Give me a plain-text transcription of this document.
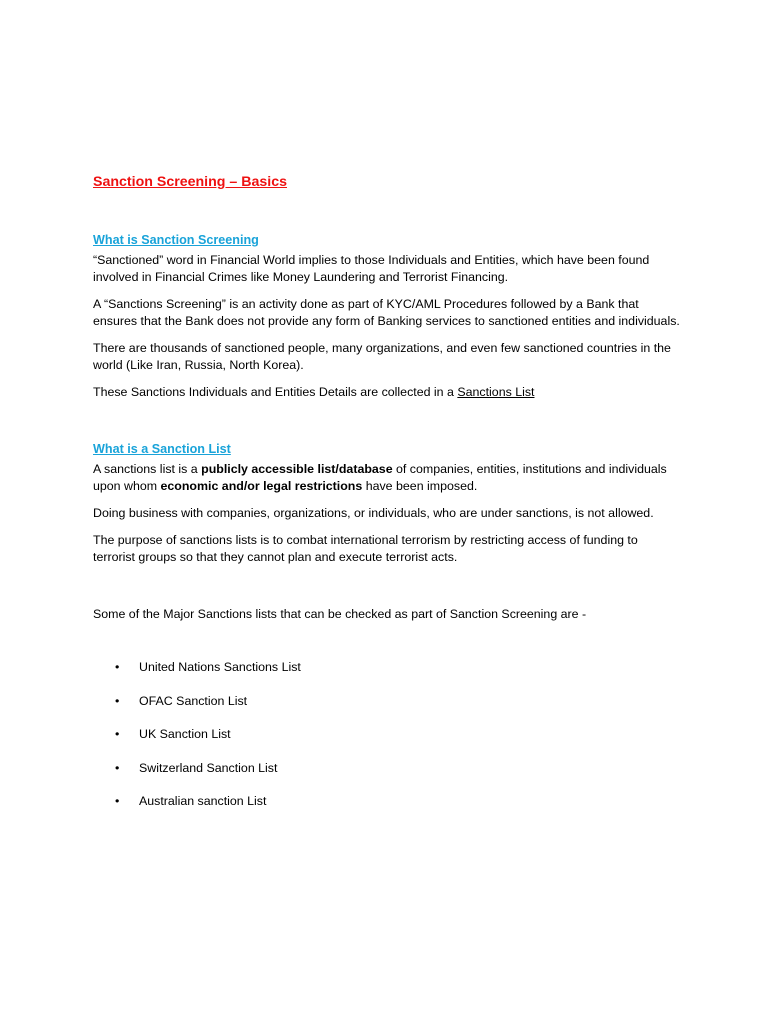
Sanction Screening – Basics
What is Sanction Screening

“Sanctioned” word in Financial World implies to those Individuals and Entities, which have been found involved in Financial Crimes like Money Laundering and Terrorist Financing.

A “Sanctions Screening” is an activity done as part of KYC/AML Procedures followed by a Bank that ensures that the Bank does not provide any form of Banking services to sanctioned entities and individuals.

There are thousands of sanctioned people, many organizations, and even few sanctioned countries in the world (Like Iran, Russia, North Korea).

These Sanctions Individuals and Entities Details are collected in a Sanctions List

What is a Sanction List

A sanctions list is a publicly accessible list/database of companies, entities, institutions and individuals upon whom economic and/or legal restrictions have been imposed.

Doing business with companies, organizations, or individuals, who are under sanctions, is not allowed.

The purpose of sanctions lists is to combat international terrorism by restricting access of funding to terrorist groups so that they cannot plan and execute terrorist acts.

Some of the Major Sanctions lists that can be checked as part of Sanction Screening are -

• United Nations Sanctions List
• OFAC Sanction List
• UK Sanction List
• Switzerland Sanction List
• Australian sanction List
